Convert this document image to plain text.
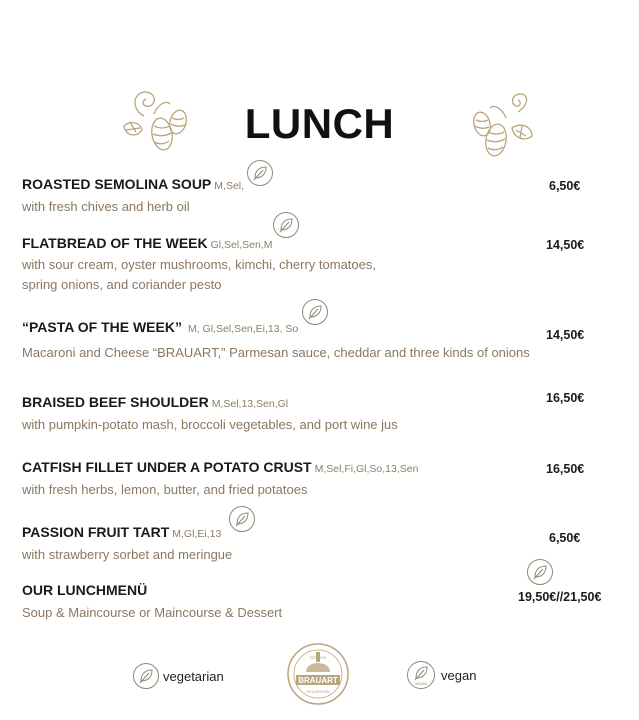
LUNCH
ROASTED SEMOLINA SOUP M,Sel,
with fresh chives and herb oil
6,50€
FLATBREAD OF THE WEEK Gl,Sel,Sen,M
with sour cream, oyster mushrooms, kimchi, cherry tomatoes,
spring onions, and coriander pesto
14,50€
“PASTA OF THE WEEK” M, Gl,Sel,Sen,Ei,13, So
Macaroni and Cheese “BRAUART,” Parmesan sauce, cheddar and three kinds of onions
14,50€
BRAISED BEEF SHOULDER M,Sel,13,Sen,Gl
with pumpkin-potato mash, broccoli vegetables, and port wine jus
16,50€
CATFISH FILLET UNDER A POTATO CRUST M,Sel,Fi,Gl,So,13,Sen
with fresh herbs, lemon, butter, and fried potatoes
16,50€
PASSION FRUIT TART M,Gl,Ei,13
with strawberry sorbet and meringue
6,50€
OUR LUNCHMENÜ
Soup & Maincourse or Maincourse & Dessert
19,50€//21,50€
vegetarian	BRAUART
HEILBRONN
SEIT 2010
VEGAN
vegan
